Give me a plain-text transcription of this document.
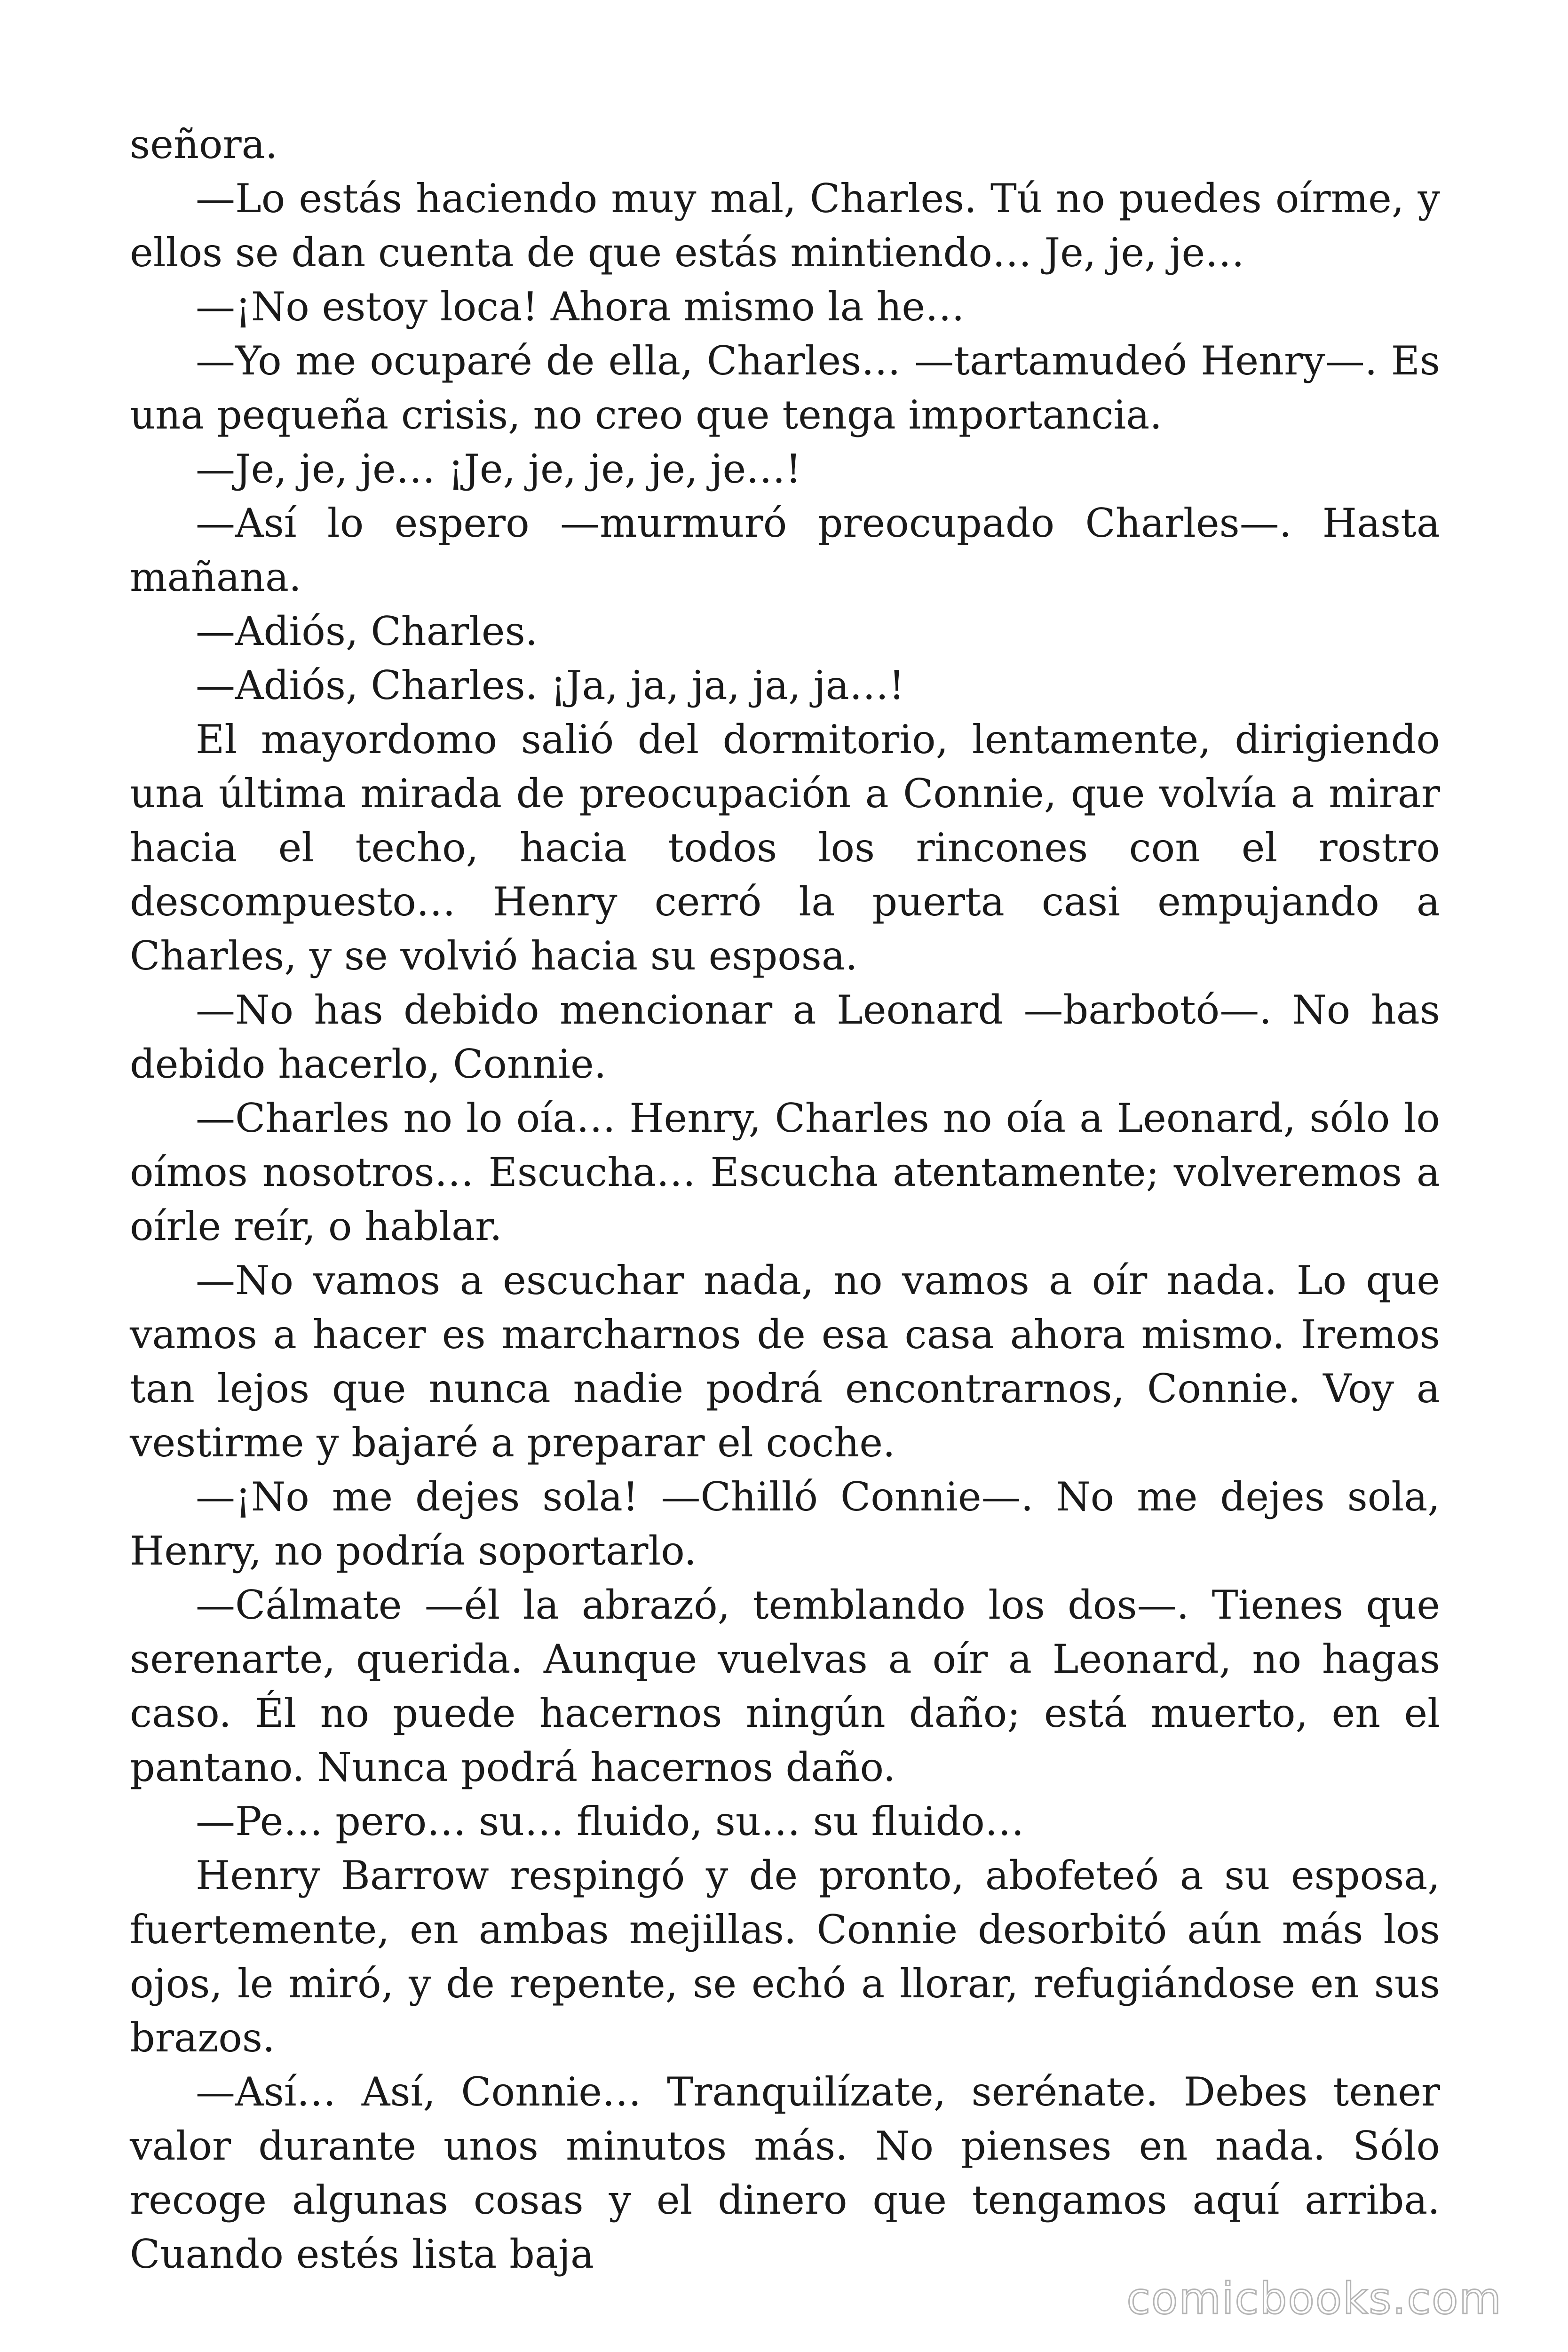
señora.

—Lo estás haciendo muy mal, Charles. Tú no puedes oírme, y ellos se dan cuenta de que estás mintiendo… Je, je, je…

—¡No estoy loca! Ahora mismo la he…

—Yo me ocuparé de ella, Charles… —tartamudeó Henry—. Es una pequeña crisis, no creo que tenga importancia.

—Je, je, je… ¡Je, je, je, je, je…!

—Así lo espero —murmuró preocupado Charles—. Hasta mañana.

—Adiós, Charles.

—Adiós, Charles. ¡Ja, ja, ja, ja, ja…!

El mayordomo salió del dormitorio, lentamente, dirigiendo una última mirada de preocupación a Connie, que volvía a mirar hacia el techo, hacia todos los rincones con el rostro descompuesto… Henry cerró la puerta casi empujando a Charles, y se volvió hacia su esposa.

—No has debido mencionar a Leonard —barbotó—. No has debido hacerlo, Connie.

—Charles no lo oía… Henry, Charles no oía a Leonard, sólo lo oímos nosotros… Escucha… Escucha atentamente; volveremos a oírle reír, o hablar.

—No vamos a escuchar nada, no vamos a oír nada. Lo que vamos a hacer es marcharnos de esa casa ahora mismo. Iremos tan lejos que nunca nadie podrá encontrarnos, Connie. Voy a vestirme y bajaré a preparar el coche.

—¡No me dejes sola! —Chilló Connie—. No me dejes sola, Henry, no podría soportarlo.

—Cálmate —él la abrazó, temblando los dos—. Tienes que serenarte, querida. Aunque vuelvas a oír a Leonard, no hagas caso. Él no puede hacernos ningún daño; está muerto, en el pantano. Nunca podrá hacernos daño.

—Pe… pero… su… fluido, su… su fluido…

Henry Barrow respingó y de pronto, abofeteó a su esposa, fuertemente, en ambas mejillas. Connie desorbitó aún más los ojos, le miró, y de repente, se echó a llorar, refugiándose en sus brazos.

—Así… Así, Connie… Tranquilízate, serénate. Debes tener valor durante unos minutos más. No pienses en nada. Sólo recoge algunas cosas y el dinero que tengamos aquí arriba. Cuando estés lista baja

comicbooks.com
